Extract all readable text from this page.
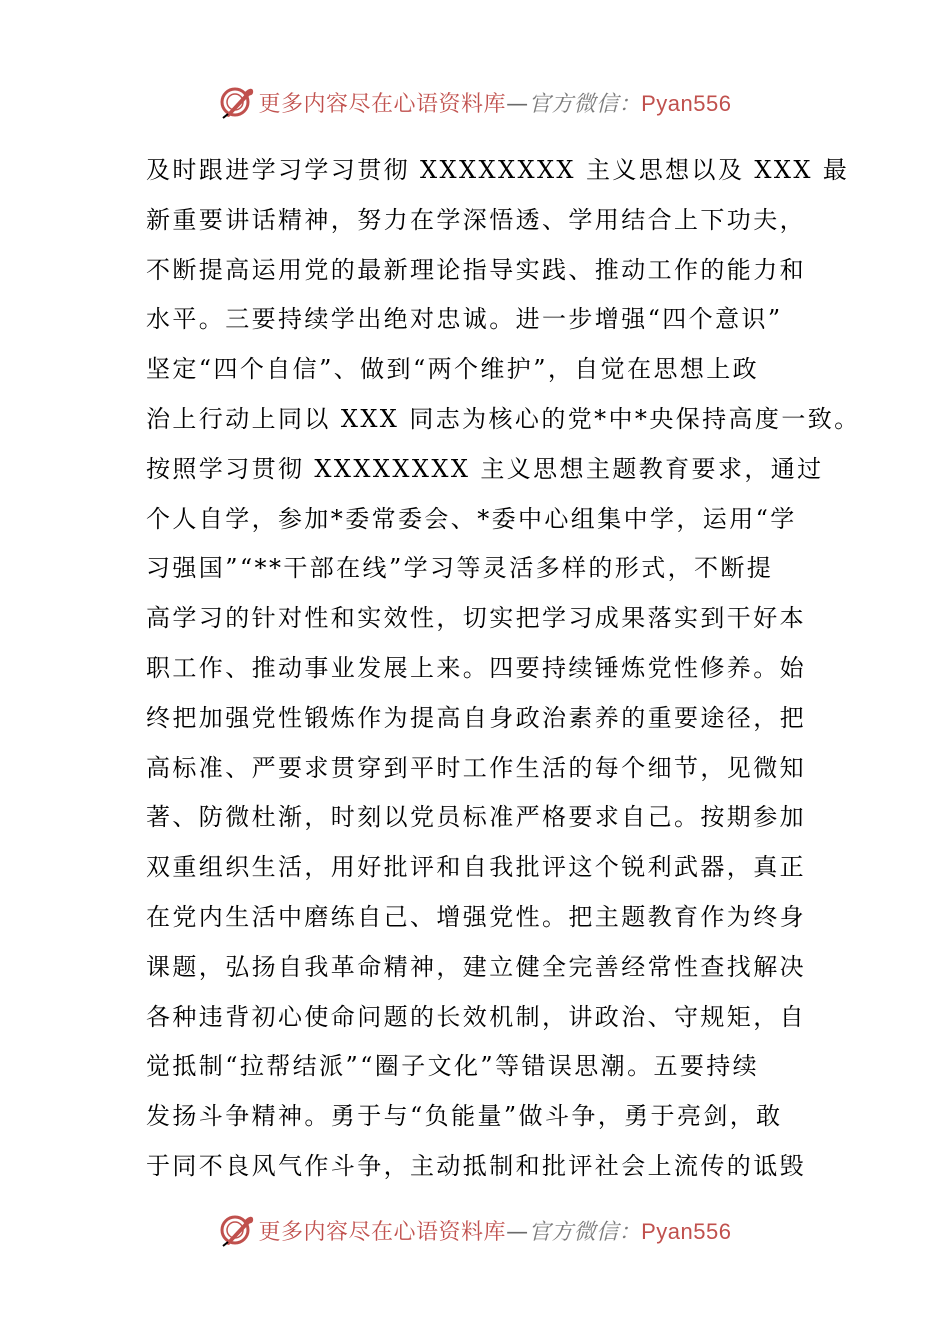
更多内容尽在心语资料库—官方微信：Pyan556
及时跟进学习学习贯彻 XXXXXXXX 主义思想以及 XXX 最
新重要讲话精神，努力在学深悟透、学用结合上下功夫，
不断提高运用党的最新理论指导实践、推动工作的能力和
水平。三要持续学出绝对忠诚。进一步增强“四个意识”
坚定“四个自信”、做到“两个维护”，自觉在思想上政
治上行动上同以 XXX 同志为核心的党*中*央保持高度一致。
按照学习贯彻 XXXXXXXX 主义思想主题教育要求，通过
个人自学，参加*委常委会、*委中心组集中学，运用“学
习强国”“**干部在线”学习等灵活多样的形式，不断提
高学习的针对性和实效性，切实把学习成果落实到干好本
职工作、推动事业发展上来。四要持续锤炼党性修养。始
终把加强党性锻炼作为提高自身政治素养的重要途径，把
高标准、严要求贯穿到平时工作生活的每个细节，见微知
著、防微杜渐，时刻以党员标准严格要求自己。按期参加
双重组织生活，用好批评和自我批评这个锐利武器，真正
在党内生活中磨练自己、增强党性。把主题教育作为终身
课题，弘扬自我革命精神，建立健全完善经常性查找解决
各种违背初心使命问题的长效机制，讲政治、守规矩，自
觉抵制“拉帮结派”“圈子文化”等错误思潮。五要持续
发扬斗争精神。勇于与“负能量”做斗争，勇于亮剑，敢
于同不良风气作斗争，主动抵制和批评社会上流传的诋毁
更多内容尽在心语资料库—官方微信：Pyan556
